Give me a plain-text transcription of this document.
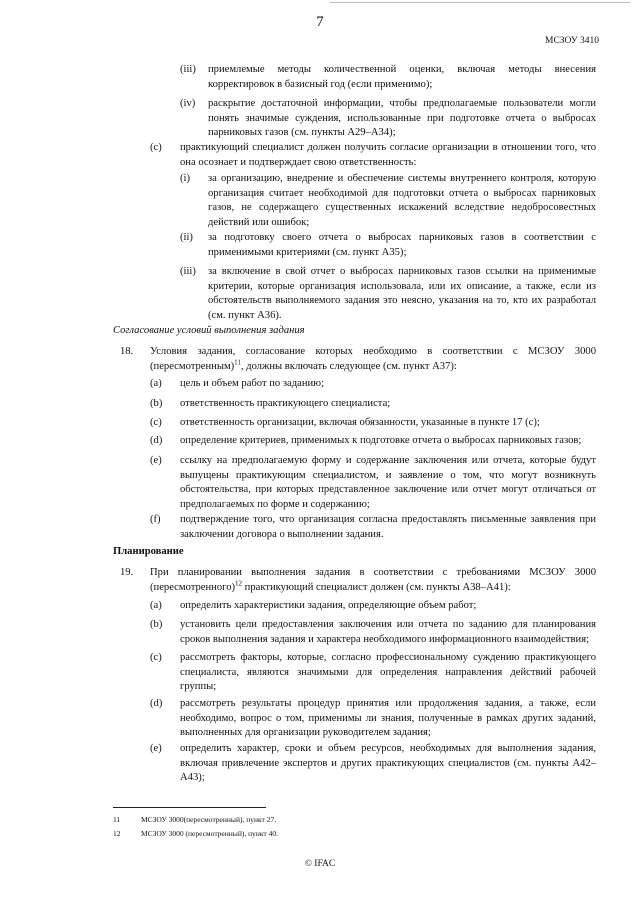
7
МСЗОУ 3410
(iii) приемлемые методы количественной оценки, включая методы внесения корректировок в базисный год (если применимо);
(iv) раскрытие достаточной информации, чтобы предполагаемые пользователи могли понять значимые суждения, использованные при подготовке отчета о выбросах парниковых газов (см. пункты А29–А34);
(c) практикующий специалист должен получить согласие организации в отношении того, что она осознает и подтверждает свою ответственность:
(i) за организацию, внедрение и обеспечение системы внутреннего контроля, которую организация считает необходимой для подготовки отчета о выбросах парниковых газов, не содержащего существенных искажений вследствие недобросовестных действий или ошибок;
(ii) за подготовку своего отчета о выбросах парниковых газов в соответствии с применимыми критериями (см. пункт А35);
(iii) за включение в свой отчет о выбросах парниковых газов ссылки на применимые критерии, которые организация использовала, или их описание, а также, если из обстоятельств выполняемого задания это неясно, указания на то, кто их разработал (см. пункт А36).
Согласование условий выполнения задания
18. Условия задания, согласование которых необходимо в соответствии с МСЗОУ 3000 (пересмотренным)$^{11}$, должны включать следующее (см. пункт А37):
(a) цель и объем работ по заданию;
(b) ответственность практикующего специалиста;
(c) ответственность организации, включая обязанности, указанные в пункте 17 (с);
(d) определение критериев, применимых к подготовке отчета о выбросах парниковых газов;
(e) ссылку на предполагаемую форму и содержание заключения или отчета, которые будут выпущены практикующим специалистом, и заявление о том, что могут возникнуть обстоятельства, при которых представленное заключение или отчет могут отличаться от предполагаемых по форме и содержанию;
(f) подтверждение того, что организация согласна предоставлять письменные заявления при заключении договора о выполнении задания.
Планирование
19. При планировании выполнения задания в соответствии с требованиями МСЗОУ 3000 (пересмотренного)$^{12}$ практикующий специалист должен (см. пункты А38–А41):
(a) определить характеристики задания, определяющие объем работ;
(b) установить цели предоставления заключения или отчета по заданию для планирования сроков выполнения задания и характера необходимого информационного взаимодействия;
(c) рассмотреть факторы, которые, согласно профессиональному суждению практикующего специалиста, являются значимыми для определения направления действий рабочей группы;
(d) рассмотреть результаты процедур принятия или продолжения задания, а также, если необходимо, вопрос о том, применимы ли знания, полученные в рамках других заданий, выполненных для организации руководителем задания;
(e) определить характер, сроки и объем ресурсов, необходимых для выполнения задания, включая привлечение экспертов и других практикующих специалистов (см. пункты А42–А43);
11	МСЗОУ 3000(пересмотренный), пункт 27.
12	МСЗОУ 3000 (пересмотренный), пункт 40.
© IFAC
